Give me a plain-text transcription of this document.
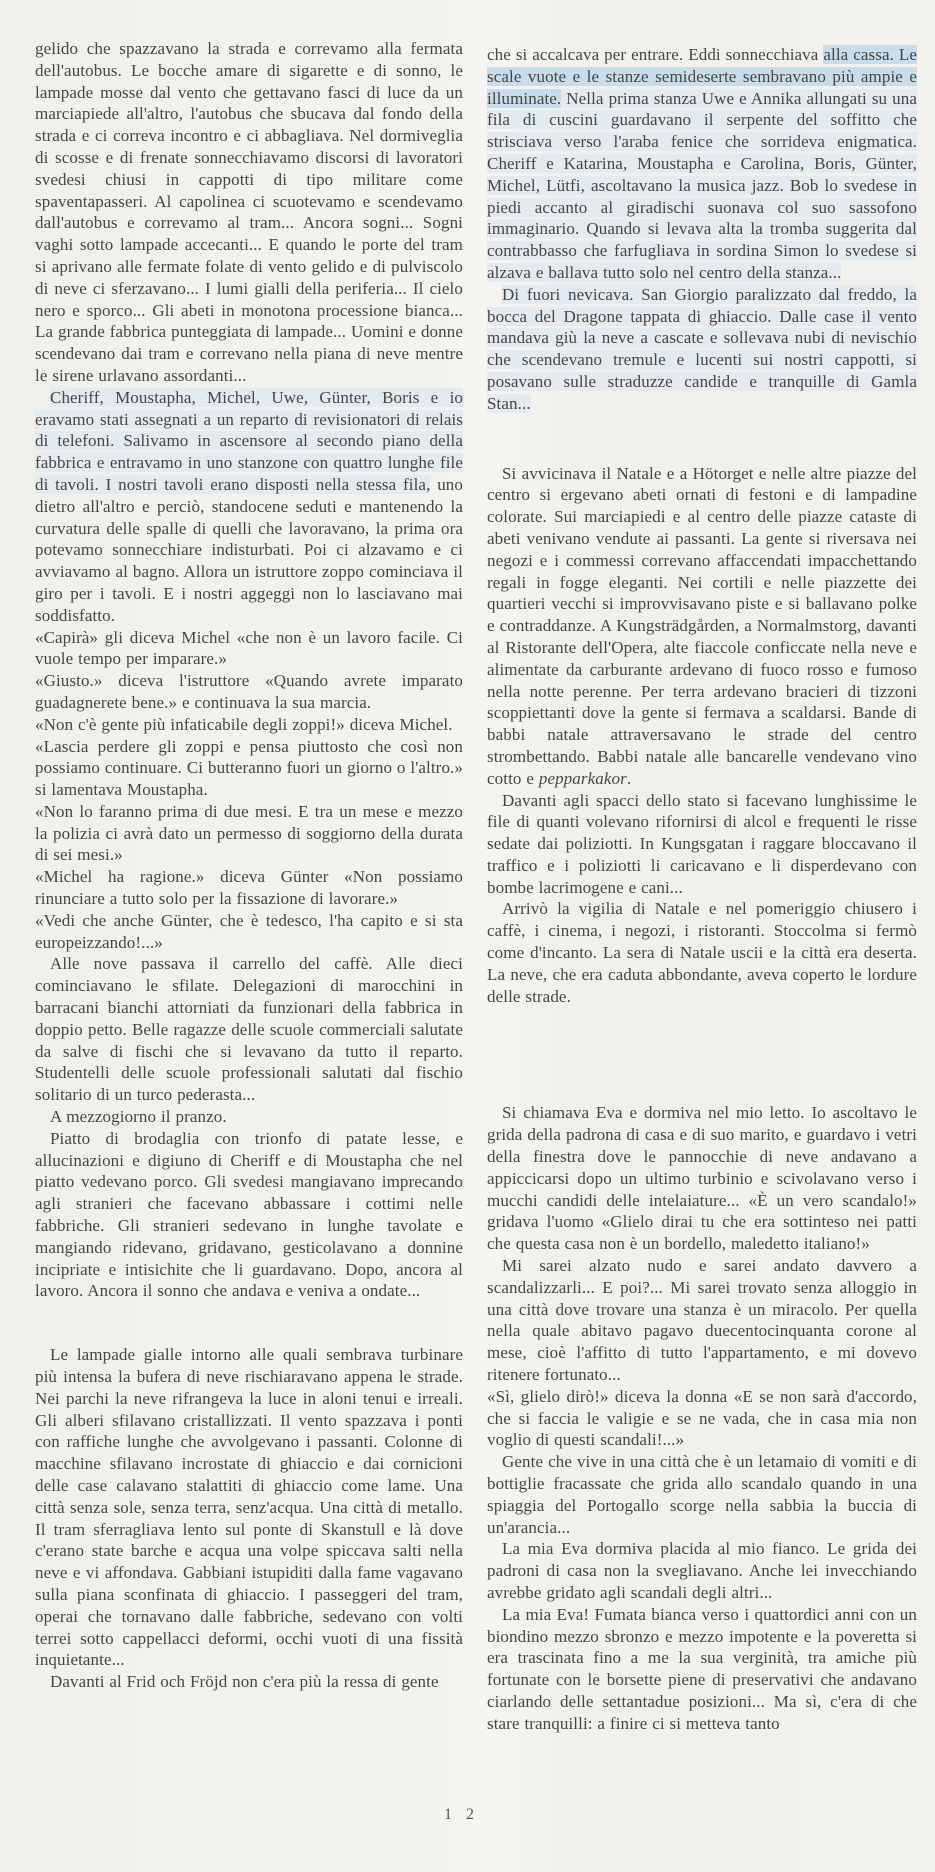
gelido che spazzavano la strada e correvamo alla fermata dell'autobus. Le bocche amare di sigarette e di sonno, le lampade mosse dal vento che gettavano fasci di luce da un marciapiede all'altro, l'autobus che sbucava dal fondo della strada e ci correva incontro e ci abbagliava. Nel dormiveglia di scosse e di frenate sonnecchiavamo discorsi di lavoratori svedesi chiusi in cappotti di tipo militare come spaventapasseri. Al capolinea ci scuotevamo e scendevamo dall'autobus e correvamo al tram... Ancora sogni... Sogni vaghi sotto lampade accecanti... E quando le porte del tram si aprivano alle fermate folate di vento gelido e di pulviscolo di neve ci sferzavano... I lumi gialli della periferia... Il cielo nero e sporco... Gli abeti in monotona processione bianca... La grande fabbrica punteggiata di lampade... Uomini e donne scendevano dai tram e correvano nella piana di neve mentre le sirene urlavano assordanti...

Cheriff, Moustapha, Michel, Uwe, Günter, Boris e io eravamo stati assegnati a un reparto di revisionatori di relais di telefoni. Salivamo in ascensore al secondo piano della fabbrica e entravamo in uno stanzone con quattro lunghe file di tavoli. I nostri tavoli erano disposti nella stessa fila, uno dietro all'altro e perciò, standocene seduti e mantenendo la curvatura delle spalle di quelli che lavoravano, la prima ora potevamo sonnecchiare indisturbati. Poi ci alzavamo e ci avviavamo al bagno. Allora un istruttore zoppo cominciava il giro per i tavoli. E i nostri aggeggi non lo lasciavano mai soddisfatto.

«Capirà» gli diceva Michel «che non è un lavoro facile. Ci vuole tempo per imparare.»

«Giusto.» diceva l'istruttore «Quando avrete imparato guadagnerete bene.» e continuava la sua marcia.

«Non c'è gente più infaticabile degli zoppi!» diceva Michel.

«Lascia perdere gli zoppi e pensa piuttosto che così non possiamo continuare. Ci butteranno fuori un giorno o l'altro.» si lamentava Moustapha.

«Non lo faranno prima di due mesi. E tra un mese e mezzo la polizia ci avrà dato un permesso di soggiorno della durata di sei mesi.»

«Michel ha ragione.» diceva Günter «Non possiamo rinunciare a tutto solo per la fissazione di lavorare.»

«Vedi che anche Günter, che è tedesco, l'ha capito e si sta europeizzando!...»

Alle nove passava il carrello del caffè. Alle dieci cominciavano le sfilate. Delegazioni di marocchini in barracani bianchi attorniati da funzionari della fabbrica in doppio petto. Belle ragazze delle scuole commerciali salutate da salve di fischi che si levavano da tutto il reparto. Studentelli delle scuole professionali salutati dal fischio solitario di un turco pederasta...

A mezzogiorno il pranzo.

Piatto di brodaglia con trionfo di patate lesse, e allucinazioni e digiuno di Cheriff e di Moustapha che nel piatto vedevano porco. Gli svedesi mangiavano imprecando agli stranieri che facevano abbassare i cottimi nelle fabbriche. Gli stranieri sedevano in lunghe tavolate e mangiando ridevano, gridavano, gesticolavano a donnine incipriate e intisichite che li guardavano. Dopo, ancora al lavoro. Ancora il sonno che andava e veniva a ondate...

Le lampade gialle intorno alle quali sembrava turbinare più intensa la bufera di neve rischiaravano appena le strade. Nei parchi la neve rifrangeva la luce in aloni tenui e irreali. Gli alberi sfilavano cristallizzati. Il vento spazzava i ponti con raffiche lunghe che avvolgevano i passanti. Colonne di macchine sfilavano incrostate di ghiaccio e dai cornicioni delle case calavano stalattiti di ghiaccio come lame. Una città senza sole, senza terra, senz'acqua. Una città di metallo. Il tram sferragliava lento sul ponte di Skanstull e là dove c'erano state barche e acqua una volpe spiccava salti nella neve e vi affondava. Gabbiani istupiditi dalla fame vagavano sulla piana sconfinata di ghiaccio. I passeggeri del tram, operai che tornavano dalle fabbriche, sedevano con volti terrei sotto cappellacci deformi, occhi vuoti di una fissità inquietante...

Davanti al Frid och Fröjd non c'era più la ressa di gente

che si accalcava per entrare. Eddi sonnecchiava alla cassa. Le scale vuote e le stanze semideserte sembravano più ampie e illuminate. Nella prima stanza Uwe e Annika allungati su una fila di cuscini guardavano il serpente del soffitto che strisciava verso l'araba fenice che sorrideva enigmatica. Cheriff e Katarina, Moustapha e Carolina, Boris, Günter, Michel, Lütfi, ascoltavano la musica jazz. Bob lo svedese in piedi accanto al giradischi suonava col suo sassofono immaginario. Quando si levava alta la tromba suggerita dal contrabbasso che farfugliava in sordina Simon lo svedese si alzava e ballava tutto solo nel centro della stanza...

Di fuori nevicava. San Giorgio paralizzato dal freddo, la bocca del Dragone tappata di ghiaccio. Dalle case il vento mandava giù la neve a cascate e sollevava nubi di nevischio che scendevano tremule e lucenti sui nostri cappotti, si posavano sulle straduzze candide e tranquille di Gamla Stan...

Si avvicinava il Natale e a Hötorget e nelle altre piazze del centro si ergevano abeti ornati di festoni e di lampadine colorate. Sui marciapiedi e al centro delle piazze cataste di abeti venivano vendute ai passanti. La gente si riversava nei negozi e i commessi correvano affaccendati impacchettando regali in fogge eleganti. Nei cortili e nelle piazzette dei quartieri vecchi si improvvisavano piste e si ballavano polke e contraddanze. A Kungsträdgården, a Normalmstorg, davanti al Ristorante dell'Opera, alte fiaccole conficcate nella neve e alimentate da carburante ardevano di fuoco rosso e fumoso nella notte perenne. Per terra ardevano bracieri di tizzoni scoppiettanti dove la gente si fermava a scaldarsi. Bande di babbi natale attraversavano le strade del centro strombettando. Babbi natale alle bancarelle vendevano vino cotto e pepparkakor.

Davanti agli spacci dello stato si facevano lunghissime le file di quanti volevano rifornirsi di alcol e frequenti le risse sedate dai poliziotti. In Kungsgatan i raggare bloccavano il traffico e i poliziotti li caricavano e li disperdevano con bombe lacrimogene e cani...

Arrivò la vigilia di Natale e nel pomeriggio chiusero i caffè, i cinema, i negozi, i ristoranti. Stoccolma si fermò come d'incanto. La sera di Natale uscii e la città era deserta. La neve, che era caduta abbondante, aveva coperto le lordure delle strade.

Si chiamava Eva e dormiva nel mio letto. Io ascoltavo le grida della padrona di casa e di suo marito, e guardavo i vetri della finestra dove le pannocchie di neve andavano a appiccicarsi dopo un ultimo turbinio e scivolavano verso i mucchi candidi delle intelaiature... «È un vero scandalo!» gridava l'uomo «Glielo dirai tu che era sottinteso nei patti che questa casa non è un bordello, maledetto italiano!»

Mi sarei alzato nudo e sarei andato davvero a scandalizzarli... E poi?... Mi sarei trovato senza alloggio in una città dove trovare una stanza è un miracolo. Per quella nella quale abitavo pagavo duecentocinquanta corone al mese, cioè l'affitto di tutto l'appartamento, e mi dovevo ritenere fortunato...

«Sì, glielo dirò!» diceva la donna «E se non sarà d'accordo, che si faccia le valigie e se ne vada, che in casa mia non voglio di questi scandali!...»

Gente che vive in una città che è un letamaio di vomiti e di bottiglie fracassate che grida allo scandalo quando in una spiaggia del Portogallo scorge nella sabbia la buccia di un'arancia...

La mia Eva dormiva placida al mio fianco. Le grida dei padroni di casa non la svegliavano. Anche lei invecchiando avrebbe gridato agli scandali degli altri...

La mia Eva! Fumata bianca verso i quattordici anni con un biondino mezzo sbronzo e mezzo impotente e la poveretta si era trascinata fino a me la sua verginità, tra amiche più fortunate con le borsette piene di preservativi che andavano ciarlando delle settantadue posizioni... Ma sì, c'era di che stare tranquilli: a finire ci si metteva tanto

1 2
